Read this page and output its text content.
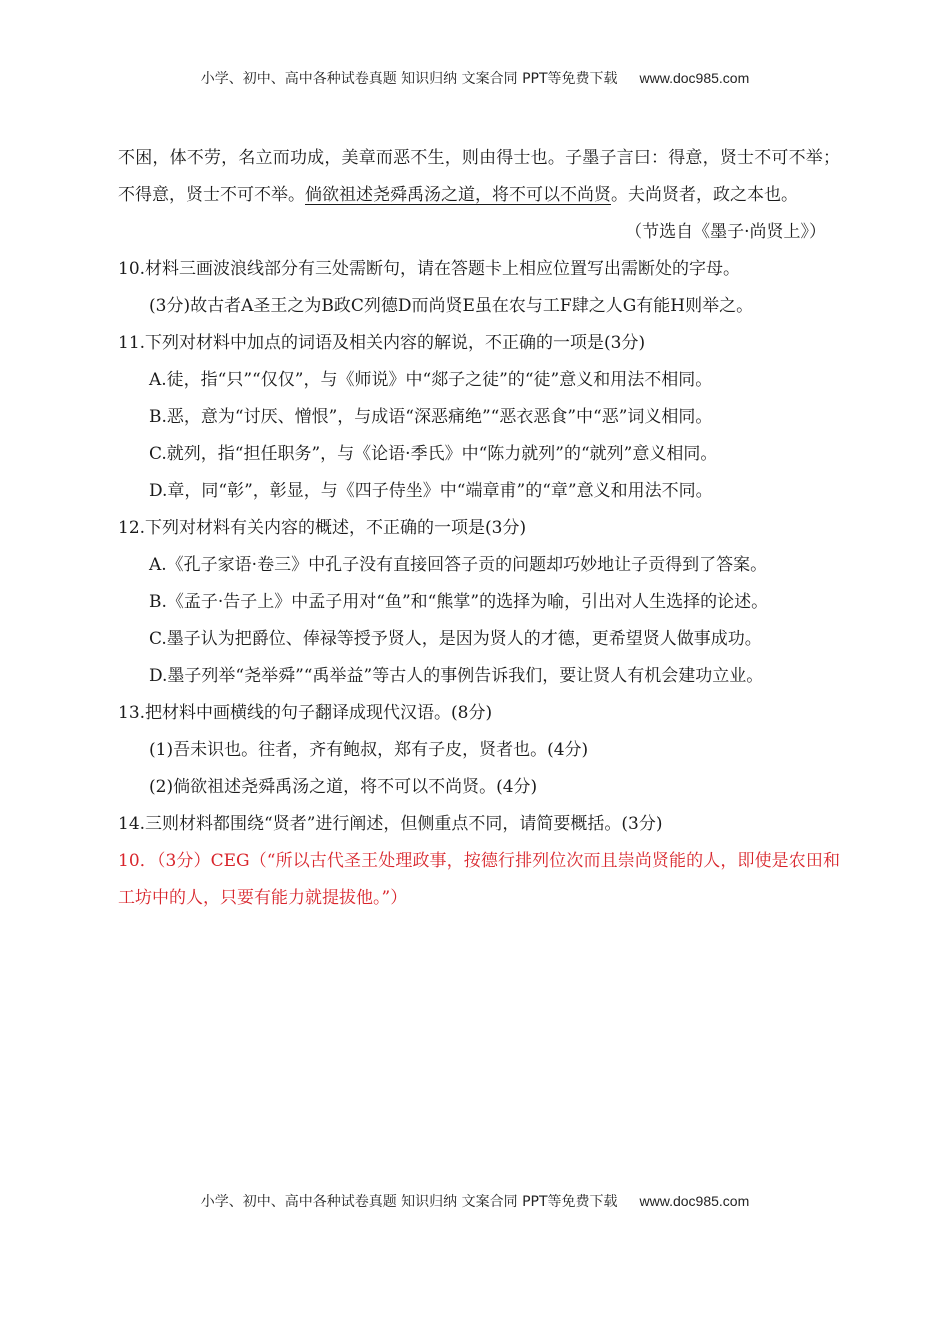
小学、初中、高中各种试卷真题 知识归纳 文案合同 PPT等免费下载 www.doc985.com

不困，体不劳，名立而功成，美章而恶不生，则由得士也。子墨子言曰：得意，贤士不可不举；不得意，贤士不可不举。倘欲祖述尧舜禹汤之道，将不可以不尚贤。夫尚贤者，政之本也。

（节选自《墨子·尚贤上》）

10.材料三画波浪线部分有三处需断句，请在答题卡上相应位置写出需断处的字母。

(3分)故古者A圣王之为B政C列德D而尚贤E虽在农与工F肆之人G有能H则举之。

11.下列对材料中加点的词语及相关内容的解说，不正确的一项是(3分)

A.徒，指“只”“仅仅”，与《师说》中“郯子之徒”的“徒”意义和用法不相同。

B.恶，意为“讨厌、憎恨”，与成语“深恶痛绝”“恶衣恶食”中“恶”词义相同。

C.就列，指“担任职务”，与《论语·季氏》中“陈力就列”的“就列”意义相同。

D.章，同“彰”，彰显，与《四子侍坐》中“端章甫”的“章”意义和用法不同。

12.下列对材料有关内容的概述，不正确的一项是(3分)

A.《孔子家语·卷三》中孔子没有直接回答子贡的问题却巧妙地让子贡得到了答案。

B.《孟子·告子上》中孟子用对“鱼”和“熊掌”的选择为喻，引出对人生选择的论述。

C.墨子认为把爵位、俸禄等授予贤人，是因为贤人的才德，更希望贤人做事成功。

D.墨子列举“尧举舜”“禹举益”等古人的事例告诉我们，要让贤人有机会建功立业。

13.把材料中画横线的句子翻译成现代汉语。(8分)

(1)吾未识也。往者，齐有鲍叔，郑有子皮，贤者也。(4分)

(2)倘欲祖述尧舜禹汤之道，将不可以不尚贤。(4分)

14.三则材料都围绕“贤者”进行阐述，但侧重点不同，请简要概括。(3分)

10．（3分）CEG（“所以古代圣王处理政事，按德行排列位次而且崇尚贤能的人，即使是农田和工坊中的人，只要有能力就提拔他。”）

小学、初中、高中各种试卷真题 知识归纳 文案合同 PPT等免费下载 www.doc985.com
